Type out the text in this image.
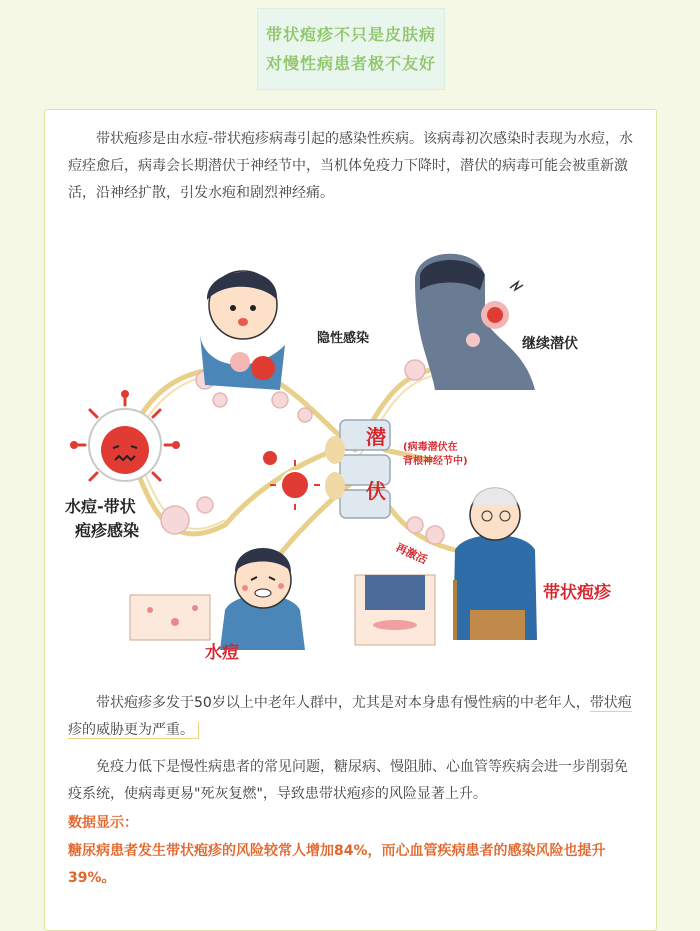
带状疱疹不只是皮肤病
对慢性病患者极不友好

带状疱疹是由水痘-带状疱疹病毒引起的感染性疾病。该病毒初次感染时表现为水痘，水痘痊愈后，病毒会长期潜伏于神经节中，当机体免疫力下降时，潜伏的病毒可能会被重新激活，沿神经扩散，引发水疱和剧烈神经痛。

隐性感染	继续潜伏
水痘-带状
疱疹感染
潜
伏
(病毒潜伏在
背根神经节中)
再激活
带状疱疹
水痘

带状疱疹多发于50岁以上中老年人群中，尤其是对本身患有慢性病的中老年人，带状疱疹的威胁更为严重。

免疫力低下是慢性病患者的常见问题，糖尿病、慢阻肺、心血管等疾病会进一步削弱免疫系统，使病毒更易"死灰复燃"，导致患带状疱疹的风险显著上升。

数据显示：

糖尿病患者发生带状疱疹的风险较常人增加84%，而心血管疾病患者的感染风险也提升39%。
